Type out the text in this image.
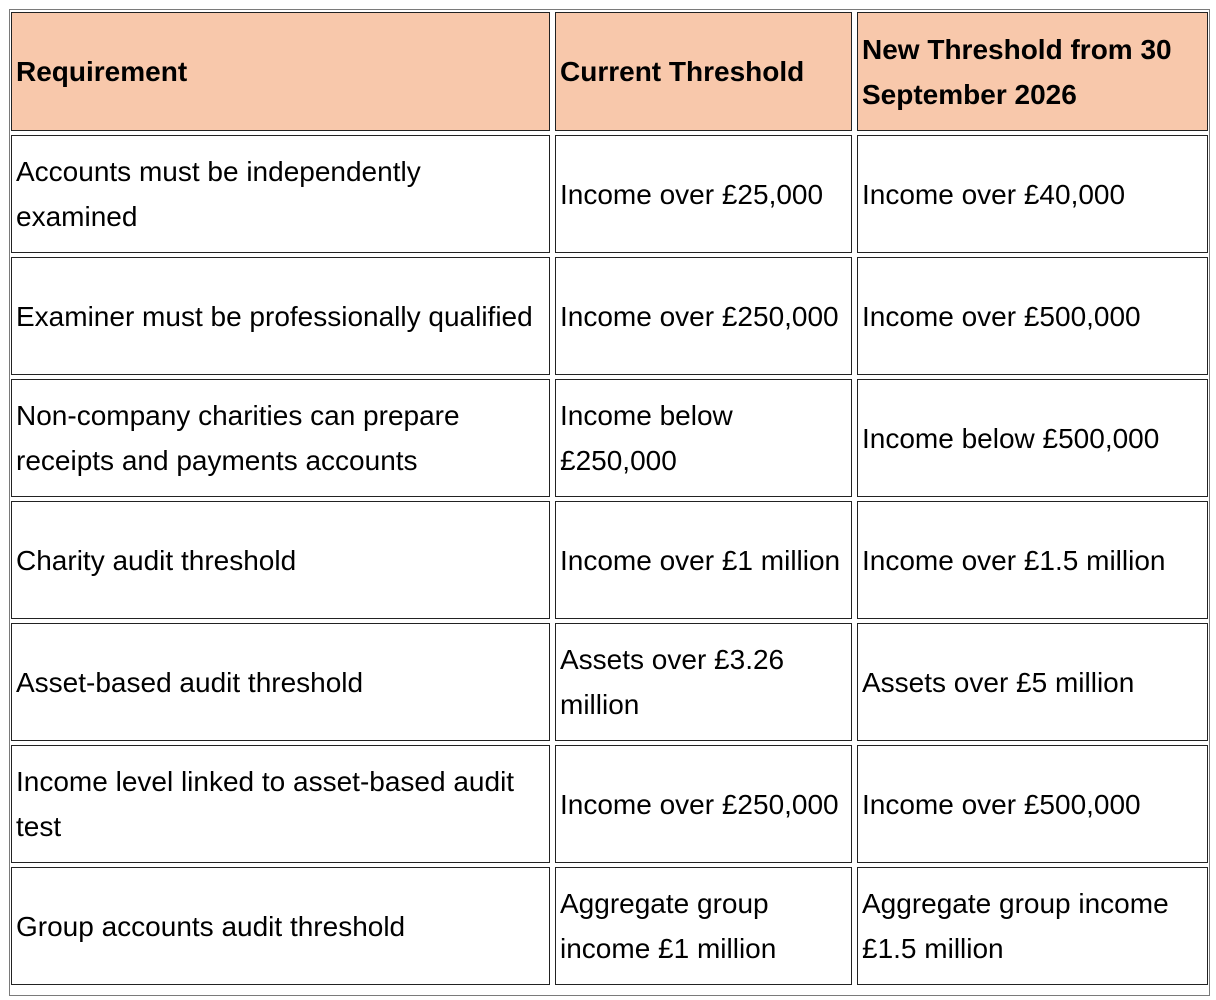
Requirement	Current Threshold	New Threshold from 30 September 2026
Accounts must be independently examined	Income over £25,000	Income over £40,000
Examiner must be professionally qualified	Income over £250,000	Income over £500,000
Non-company charities can prepare receipts and payments accounts	Income below £250,000	Income below £500,000
Charity audit threshold	Income over £1 million	Income over £1.5 million
Asset-based audit threshold	Assets over £3.26 million	Assets over £5 million
Income level linked to asset-based audit test	Income over £250,000	Income over £500,000
Group accounts audit threshold	Aggregate group income £1 million	Aggregate group income £1.5 million
